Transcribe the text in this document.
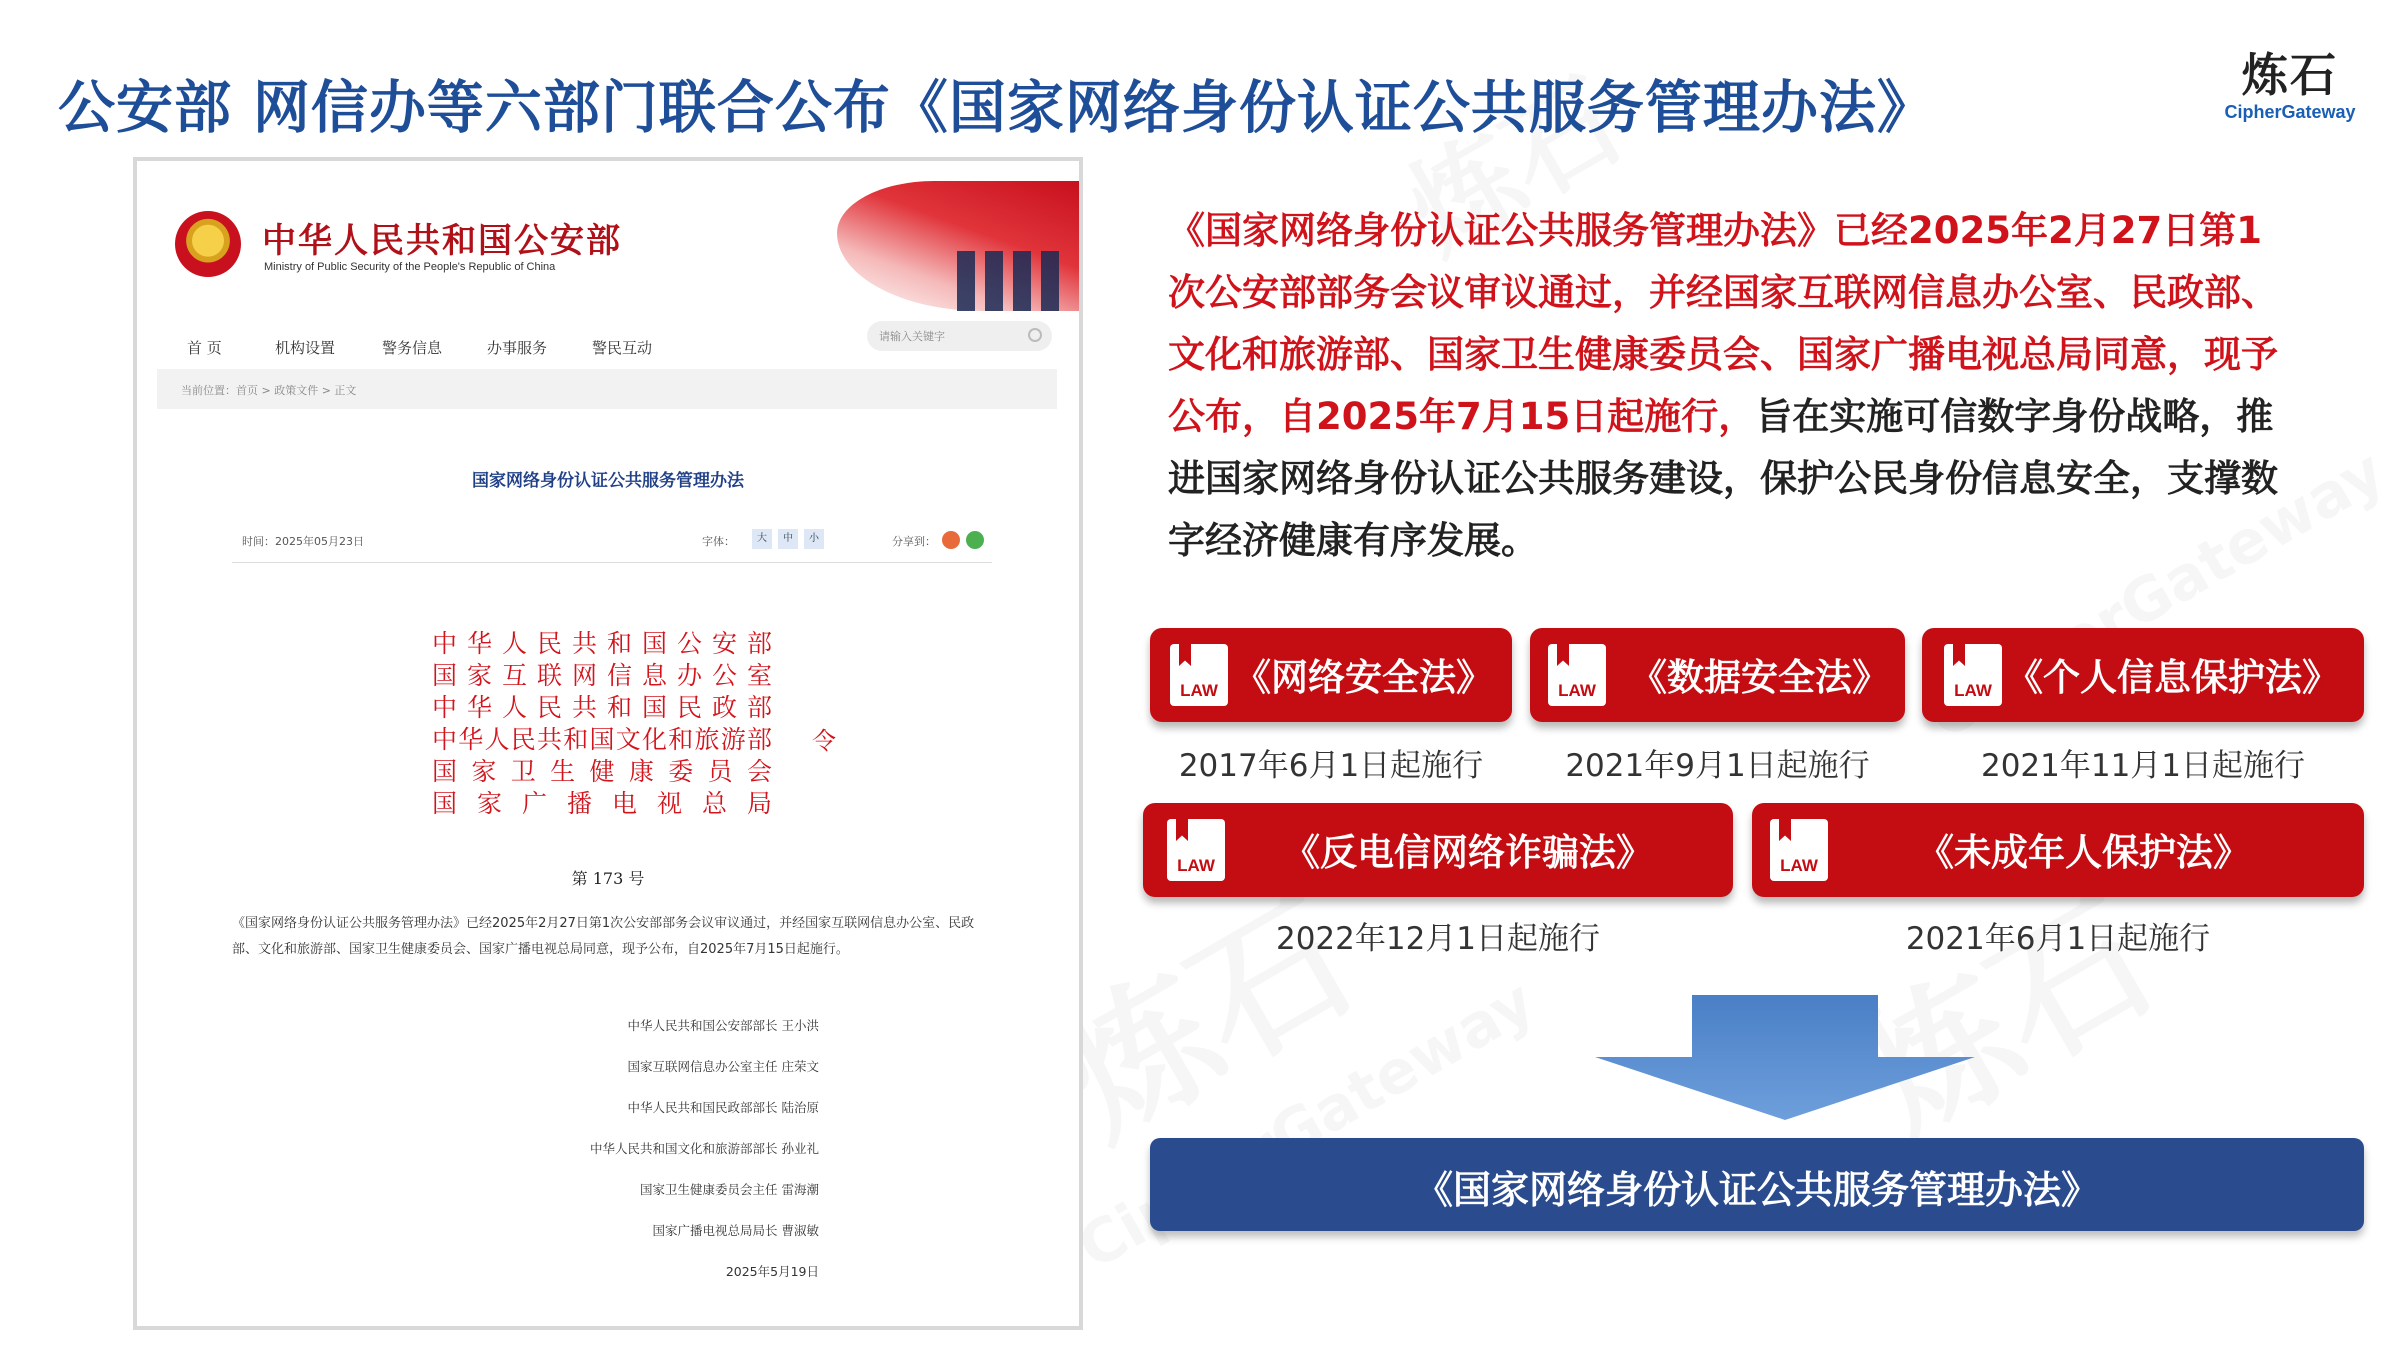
公安部 网信办等六部门联合公布《国家网络身份认证公共服务管理办法》	炼石
CipherGateway
中华人民共和国公安部
Ministry of Public Security of the People's Republic of China
首 页	机构设置	警务信息	办事服务	警民互动
请输入关键字
当前位置：首页 > 政策文件 > 正文
国家网络身份认证公共服务管理办法
时间：2025年05月23日	字体：	大	中	小	分享到：
中华人民共和国公安部
国家互联网信息办公室
中华人民共和国民政部
中华人民共和国文化和旅游部
国家卫生健康委员会
国家广播电视总局
令
第 173 号
《国家网络身份认证公共服务管理办法》已经2025年2月27日第1次公安部部务会议审议通过，并经国家互联网信息办公室、民政部、文化和旅游部、国家卫生健康委员会、国家广播电视总局同意，现予公布，自2025年7月15日起施行。
中华人民共和国公安部部长 王小洪
国家互联网信息办公室主任 庄荣文
中华人民共和国民政部部长 陆治原
中华人民共和国文化和旅游部部长 孙业礼
国家卫生健康委员会主任 雷海潮
国家广播电视总局局长 曹淑敏
2025年5月19日
《国家网络身份认证公共服务管理办法》已经2025年2月27日第1次公安部部务会议审议通过，并经国家互联网信息办公室、民政部、文化和旅游部、国家卫生健康委员会、国家广播电视总局同意，现予公布，自2025年7月15日起施行，旨在实施可信数字身份战略，推进国家网络身份认证公共服务建设，保护公民身份信息安全，支撑数字经济健康有序发展。
LAW 《网络安全法》
2017年6月1日起施行
LAW 《数据安全法》
2021年9月1日起施行
LAW 《个人信息保护法》
2021年11月1日起施行
LAW 《反电信网络诈骗法》
2022年12月1日起施行
LAW	《未成年人保护法》
2021年6月1日起施行
《国家网络身份认证公共服务管理办法》
